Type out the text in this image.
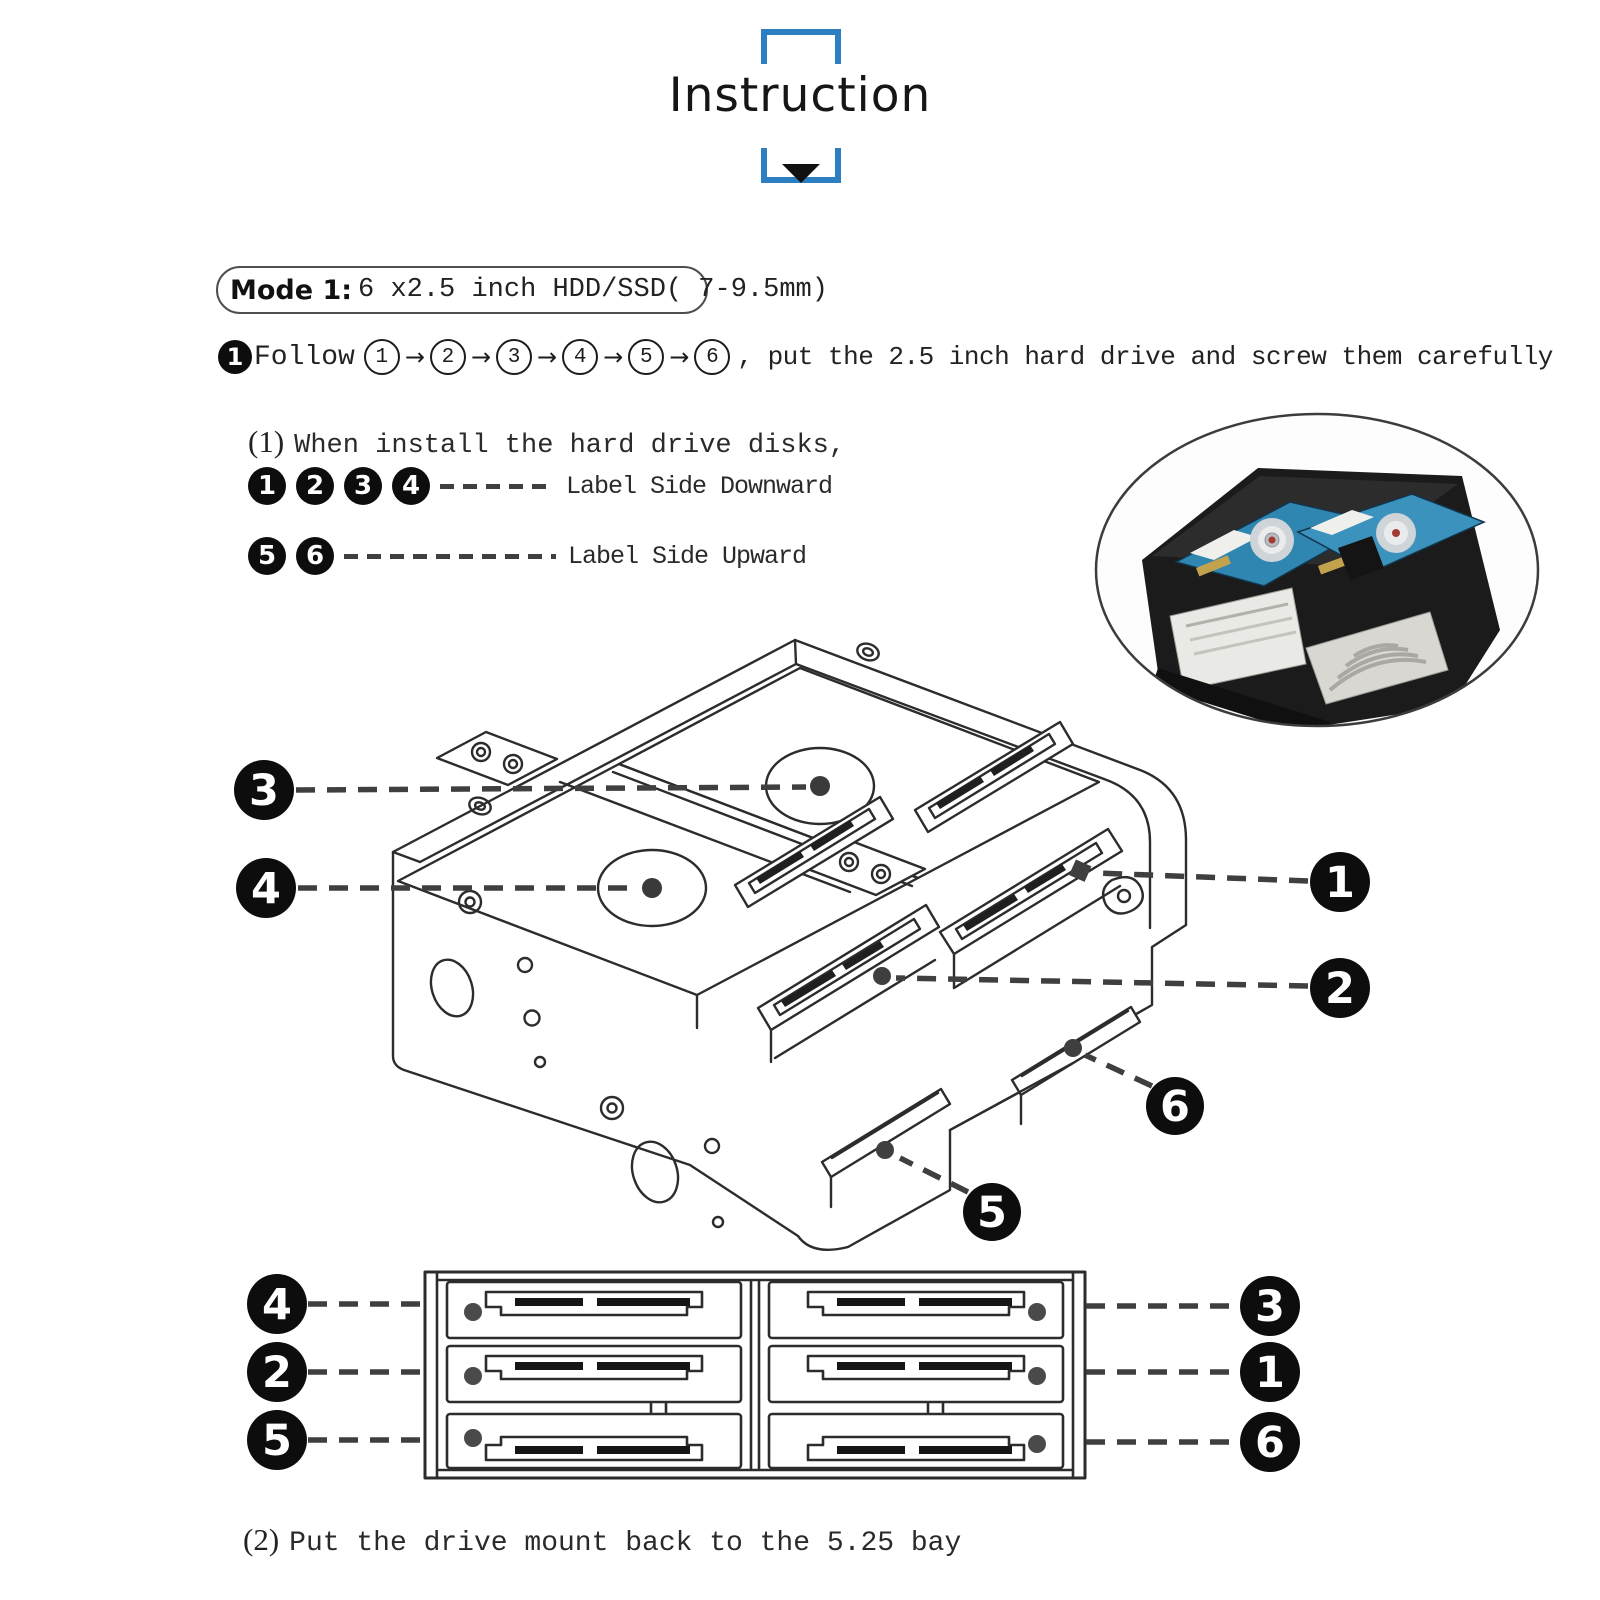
Instruction
Mode 1: 6 x2.5 inch HDD/SSD( 7-9.5mm)
1 Follow 1 → 2 → 3 → 4 → 5 → 6 , put the 2.5 inch hard drive and screw them carefully
(1) When install the hard drive disks,
1	2	3	4	Label Side Downward
5	6	Label Side Upward
3
4	1
2
6
5
4
2
5
3
1
6
(2) Put the drive mount back to the 5.25 bay
